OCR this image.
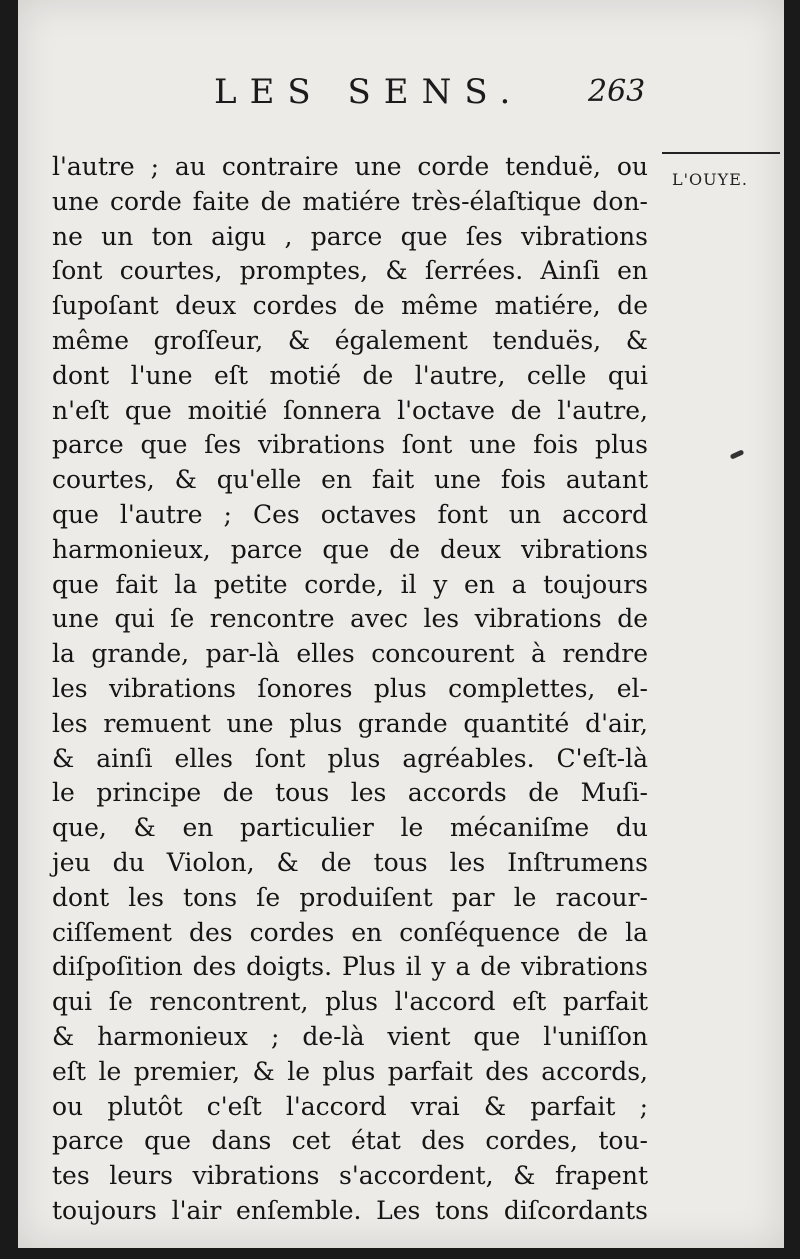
LES SENS. 263
L'OUYE.
l'autre ; au contraire une corde tenduë, ou
une corde faite de matiére très-élaſtique don-
ne un ton aigu , parce que ſes vibrations
ſont courtes, promptes, & ſerrées. Ainſi en
ſupoſant deux cordes de même matiére, de
même groſſeur, & également tenduës, &
dont l'une eſt motié de l'autre, celle qui
n'eſt que moitié ſonnera l'octave de l'autre,
parce que ſes vibrations ſont une fois plus
courtes, & qu'elle en fait une fois autant
que l'autre ; Ces octaves font un accord
harmonieux, parce que de deux vibrations
que fait la petite corde, il y en a toujours
une qui ſe rencontre avec les vibrations de
la grande, par-là elles concourent à rendre
les vibrations ſonores plus complettes, el-
les remuent une plus grande quantité d'air,
& ainſi elles ſont plus agréables. C'eſt-là
le principe de tous les accords de Muſi-
que, & en particulier le mécaniſme du
jeu du Violon, & de tous les Inſtrumens
dont les tons ſe produiſent par le racour-
ciſſement des cordes en conſéquence de la
diſpoſition des doigts. Plus il y a de vibrations
qui ſe rencontrent, plus l'accord eſt parfait
& harmonieux ; de-là vient que l'uniſſon
eſt le premier, & le plus parfait des accords,
ou plutôt c'eſt l'accord vrai & parfait ;
parce que dans cet état des cordes, tou-
tes leurs vibrations s'accordent, & frapent
toujours l'air enſemble. Les tons diſcordants
